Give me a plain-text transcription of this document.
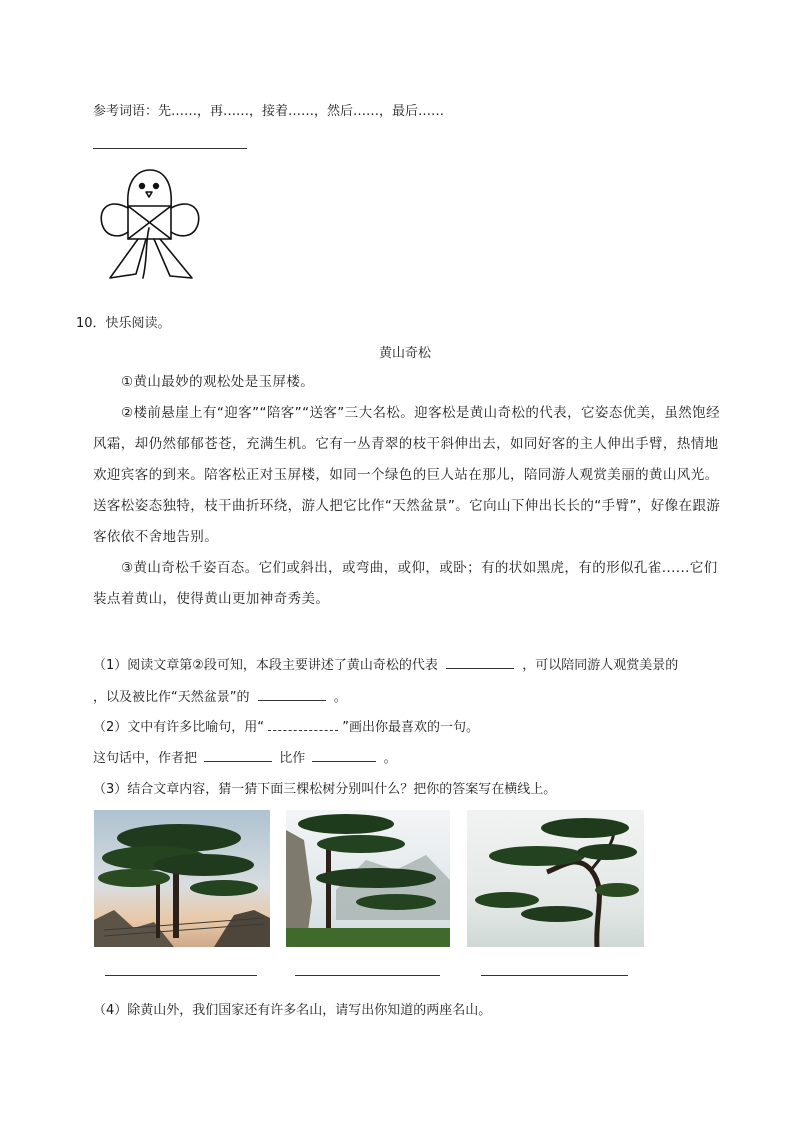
参考词语：先……，再……，接着……，然后……，最后……
10．快乐阅读。
黄山奇松
①黄山最妙的观松处是玉屏楼。
②楼前悬崖上有“迎客”“陪客”“送客”三大名松。迎客松是黄山奇松的代表，它姿态优美，虽然饱经
风霜，却仍然郁郁苍苍，充满生机。它有一丛青翠的枝干斜伸出去，如同好客的主人伸出手臂，热情地
欢迎宾客的到来。陪客松正对玉屏楼，如同一个绿色的巨人站在那儿，陪同游人观赏美丽的黄山风光。
送客松姿态独特，枝干曲折环绕，游人把它比作“天然盆景”。它向山下伸出长长的“手臂”，好像在跟游
客依依不舍地告别。
③黄山奇松千姿百态。它们或斜出，或弯曲，或仰，或卧；有的状如黑虎，有的形似孔雀......它们
装点着黄山，使得黄山更加神奇秀美。
（1）阅读文章第②段可知，本段主要讲述了黄山奇松的代表	，可以陪同游人观赏美景的
，以及被比作“天然盆景”的	。
（2）文中有许多比喻句，用“	”画出你最喜欢的一句。
这句话中，作者把	比作	。
（3）结合文章内容，猜一猜下面三棵松树分别叫什么？把你的答案写在横线上。
（4）除黄山外，我们国家还有许多名山，请写出你知道的两座名山。
